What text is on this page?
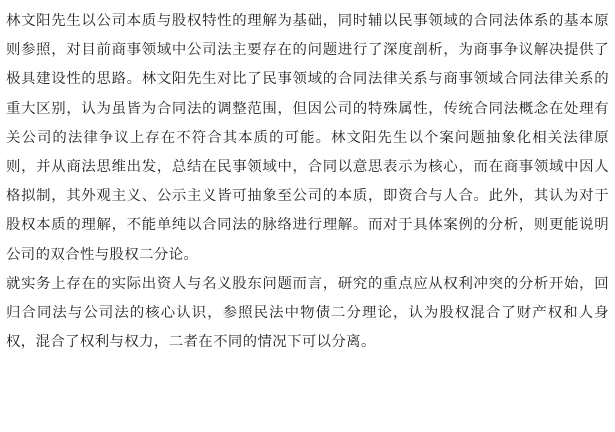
林文阳先生以公司本质与股权特性的理解为基础，同时辅以民事领域的合同法体系的基本原则参照，对目前商事领域中公司法主要存在的问题进行了深度剖析，为商事争议解决提供了极具建设性的思路。林文阳先生对比了民事领域的合同法律关系与商事领域合同法律关系的重大区别，认为虽皆为合同法的调整范围，但因公司的特殊属性，传统合同法概念在处理有关公司的法律争议上存在不符合其本质的可能。林文阳先生以个案问题抽象化相关法律原则，并从商法思维出发，总结在民事领域中，合同以意思表示为核心，而在商事领域中因人格拟制，其外观主义、公示主义皆可抽象至公司的本质，即资合与人合。此外，其认为对于股权本质的理解，不能单纯以合同法的脉络进行理解。而对于具体案例的分析，则更能说明公司的双合性与股权二分论。

就实务上存在的实际出资人与名义股东问题而言，研究的重点应从权利冲突的分析开始，回归合同法与公司法的核心认识，参照民法中物债二分理论，认为股权混合了财产权和人身权，混合了权利与权力，二者在不同的情况下可以分离。
